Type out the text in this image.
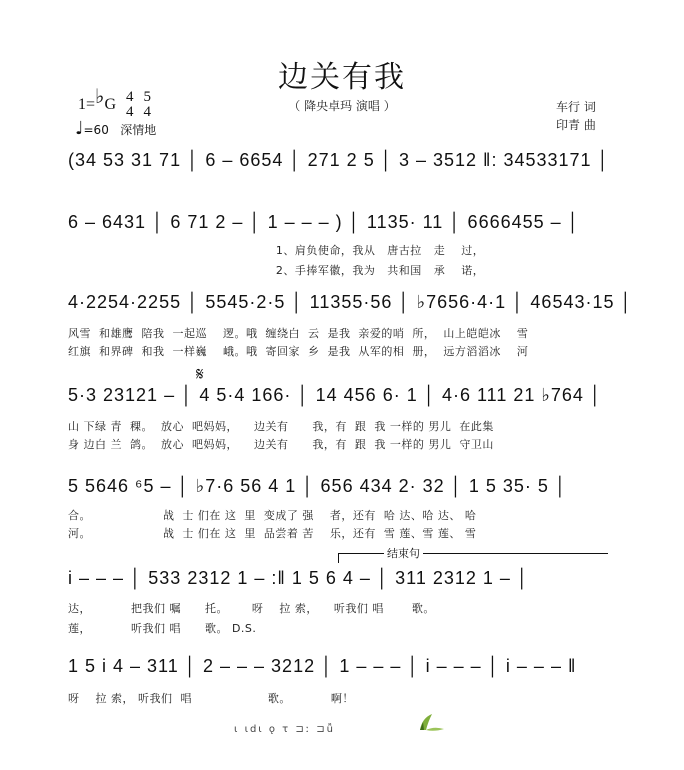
边关有我
（ 降央卓玛 演唱 ）	车行 词
印青 曲
1=♭G 4
4

5
4
♩=60 深情地
(34 53 31 71 │ 6 – 6654 │ 271 2 5 │ 3 – 3512 ‖: 34533171 │
6 – 6431 │ 6 71 2 – │ 1 – – – ) │ 1135· 11 │ 6666455 – │
1、肩负使命，我从   唐古拉   走    过，
2、手捧军徽，我为   共和国   承    诺，
4·2254·2255 │ 5545·2·5 │ 11355·56 │ ♭7656·4·1 │ 46543·15 │
风雪  和雄鹰  陪我  一起巡    逻。哦  缠绕白  云  是我  亲爱的哨  所，  山上皑皑冰    雪
红旗  和界碑  和我  一样巍    峨。哦  寄回家  乡  是我  从军的相  册，  远方滔滔冰    河
𝄋
5·3 23121 – │ 4 5·4 166· │ 14 456 6· 1 │ 4·6 111 21 ♭764 │
山 下绿 青  稞。  放心  吧妈妈，    边关有      我，有  跟  我 一样的 男儿  在此集
身 边白 兰  鸽。  放心  吧妈妈，    边关有      我，有  跟  我 一样的 男儿  守卫山
5 5646 ⁶5 – │ ♭7·6 56 4 1 │ 656 434 2· 32 │ 1 5 35· 5 │
合。                  战  士 们在 这  里  变成了 强    者，还有  哈 达、哈 达、 哈
河。                  战  士 们在 这  里  品尝着 苦    乐，还有  雪 莲、雪 莲、 雪
结束句
i – – – │ 533 2312 1 – :‖ 1 5 6 4 – │ 311 2312 1 – │
达，          把我们 嘱      托。      呀    拉 索，    听我们 唱       歌。
莲，          听我们 唱      歌。 D.S.
1 5 i 4 – 311 │ 2 – – – 3212 │ 1 – – – │ i – – – │ i – – – ‖
呀    拉 索， 听我们  唱                   歌。          啊！
ι ιdι ǫ τ ⊐ː ⊐ǚ
